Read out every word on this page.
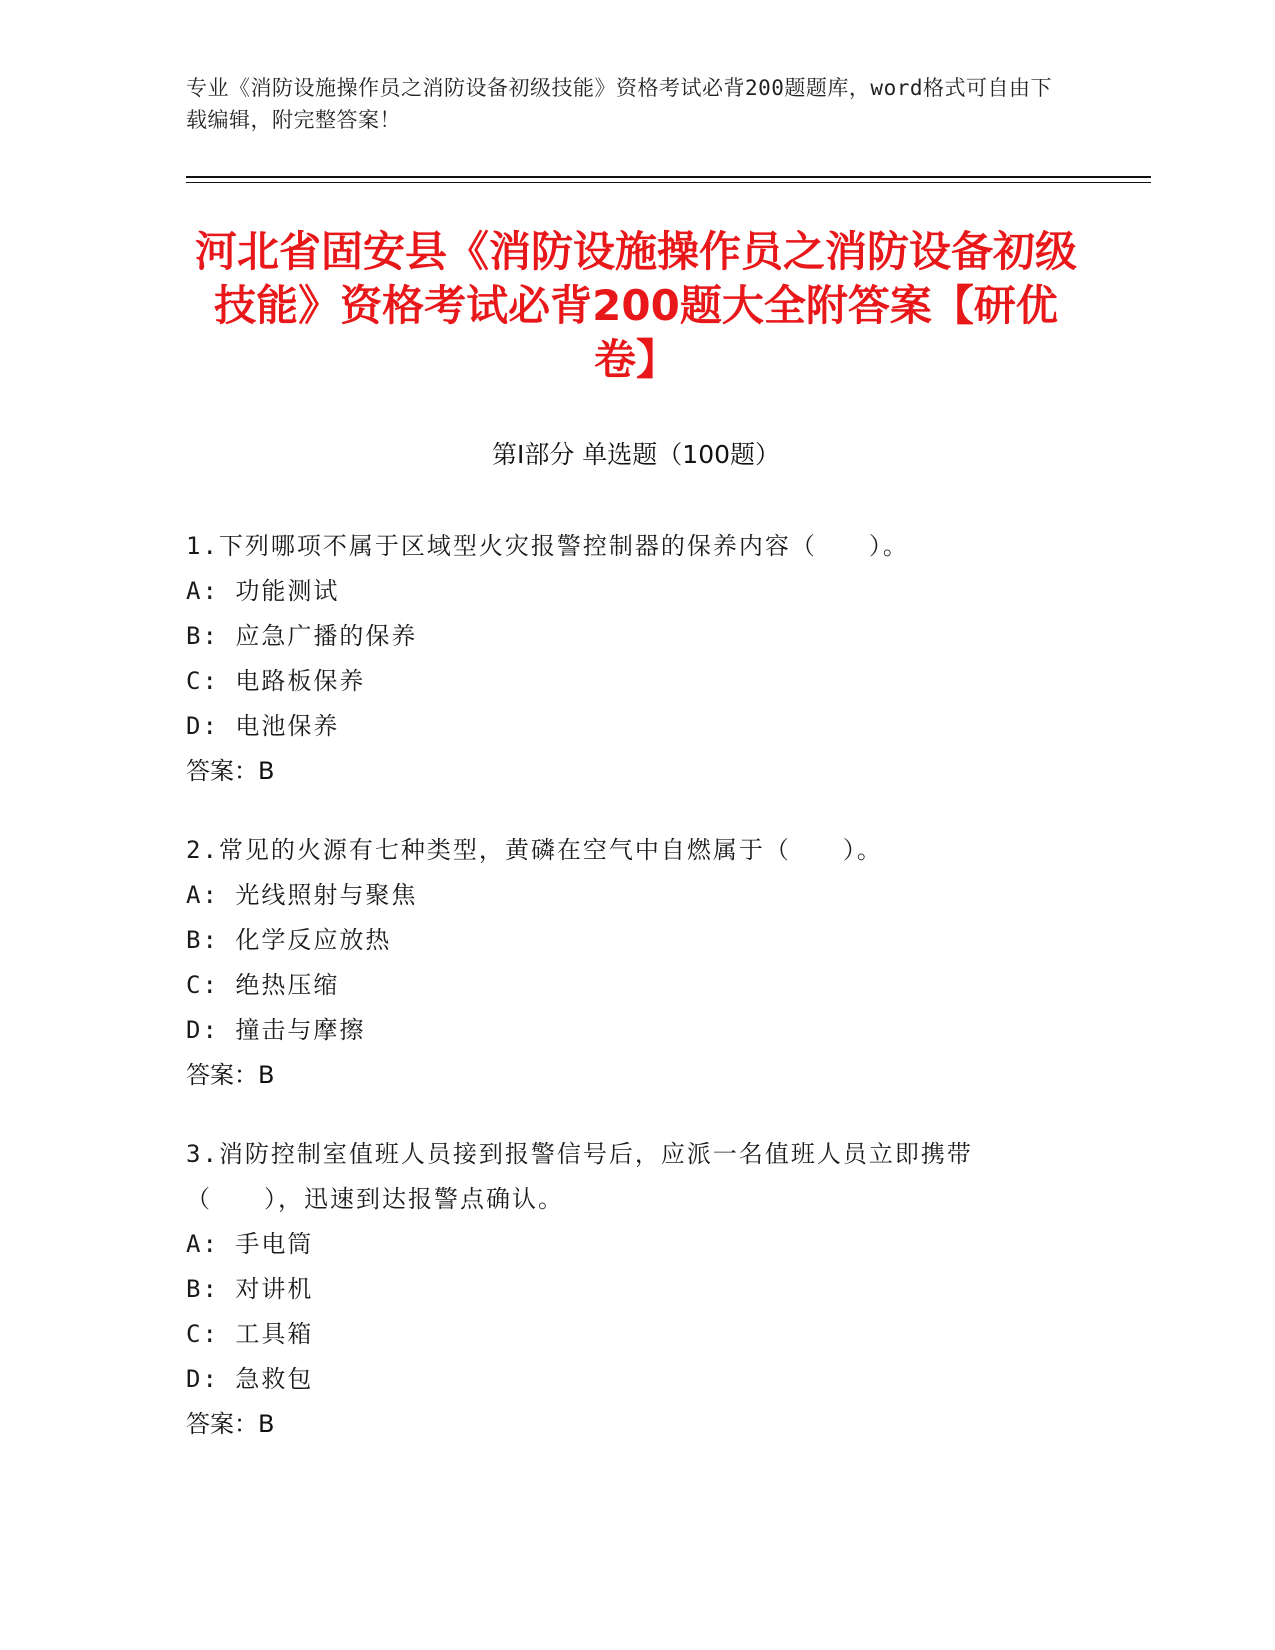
专业《消防设施操作员之消防设备初级技能》资格考试必背200题题库，word格式可自由下载编辑，附完整答案！
河北省固安县《消防设施操作员之消防设备初级技能》资格考试必背200题大全附答案【研优卷】
第Ⅰ部分 单选题（100题）
1.下列哪项不属于区域型火灾报警控制器的保养内容（　　）。
A: 功能测试
B: 应急广播的保养
C: 电路板保养
D: 电池保养
答案：B
2.常见的火源有七种类型，黄磷在空气中自燃属于（　　）。
A: 光线照射与聚焦
B: 化学反应放热
C: 绝热压缩
D: 撞击与摩擦
答案：B
3.消防控制室值班人员接到报警信号后，应派一名值班人员立即携带（　　），迅速到达报警点确认。
A: 手电筒
B: 对讲机
C: 工具箱
D: 急救包
答案：B
